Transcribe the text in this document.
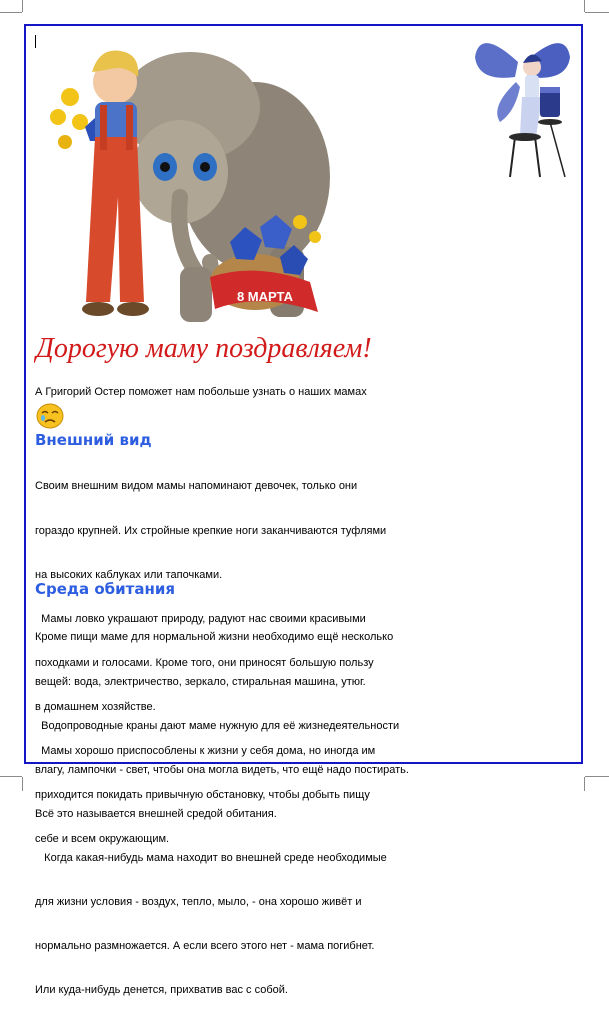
8 МАРТА
Дорогую маму поздравляем!
А Григорий Остер поможет нам побольше узнать о наших мамах
Внешний вид

Своим внешним видом мамы напоминают девочек, только они

гораздо крупней. Их стройные крепкие ноги заканчиваются туфлями

на высоких каблуках или тапочками.

Мамы ловко украшают природу, радуют нас своими красивыми

походками и голосами. Кроме того, они приносят большую пользу

в домашнем хозяйстве.

Мамы хорошо приспособлены к жизни у себя дома, но иногда им

приходится покидать привычную обстановку, чтобы добыть пищу

себе и всем окружающим.

Среда обитания

Кроме пищи маме для нормальной жизни необходимо ещё несколько

вещей: вода, электричество, зеркало, стиральная машина, утюг.

Водопроводные краны дают маме нужную для её жизнедеятельности

влагу, лампочки - свет, чтобы она могла видеть, что ещё надо постирать.

Всё это называется внешней средой обитания.

Когда какая-нибудь мама находит во внешней среде необходимые

для жизни условия - воздух, тепло, мыло, - она хорошо живёт и

нормально размножается. А если всего этого нет - мама погибнет.

Или куда-нибудь денется, прихватив вас с собой.
